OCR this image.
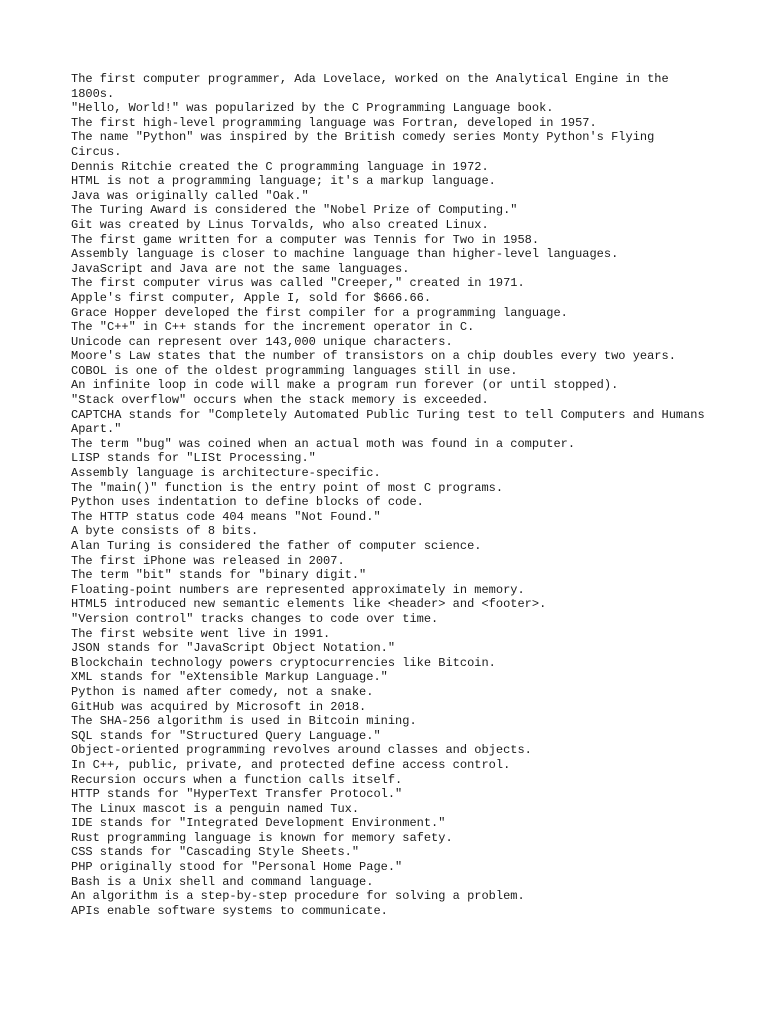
The first computer programmer, Ada Lovelace, worked on the Analytical Engine in the 1800s.

"Hello, World!" was popularized by the C Programming Language book.

The first high-level programming language was Fortran, developed in 1957.

The name "Python" was inspired by the British comedy series Monty Python's Flying Circus.

Dennis Ritchie created the C programming language in 1972.

HTML is not a programming language; it's a markup language.

Java was originally called "Oak."

The Turing Award is considered the "Nobel Prize of Computing."

Git was created by Linus Torvalds, who also created Linux.

The first game written for a computer was Tennis for Two in 1958.

Assembly language is closer to machine language than higher-level languages.

JavaScript and Java are not the same languages.

The first computer virus was called "Creeper," created in 1971.

Apple's first computer, Apple I, sold for $666.66.

Grace Hopper developed the first compiler for a programming language.

The "C++" in C++ stands for the increment operator in C.

Unicode can represent over 143,000 unique characters.

Moore's Law states that the number of transistors on a chip doubles every two years.

COBOL is one of the oldest programming languages still in use.

An infinite loop in code will make a program run forever (or until stopped).

"Stack overflow" occurs when the stack memory is exceeded.

CAPTCHA stands for "Completely Automated Public Turing test to tell Computers and Humans Apart."

The term "bug" was coined when an actual moth was found in a computer.

LISP stands for "LISt Processing."

Assembly language is architecture-specific.

The "main()" function is the entry point of most C programs.

Python uses indentation to define blocks of code.

The HTTP status code 404 means "Not Found."

A byte consists of 8 bits.

Alan Turing is considered the father of computer science.

The first iPhone was released in 2007.

The term "bit" stands for "binary digit."

Floating-point numbers are represented approximately in memory.

HTML5 introduced new semantic elements like <header> and <footer>.

"Version control" tracks changes to code over time.

The first website went live in 1991.

JSON stands for "JavaScript Object Notation."

Blockchain technology powers cryptocurrencies like Bitcoin.

XML stands for "eXtensible Markup Language."

Python is named after comedy, not a snake.

GitHub was acquired by Microsoft in 2018.

The SHA-256 algorithm is used in Bitcoin mining.

SQL stands for "Structured Query Language."

Object-oriented programming revolves around classes and objects.

In C++, public, private, and protected define access control.

Recursion occurs when a function calls itself.

HTTP stands for "HyperText Transfer Protocol."

The Linux mascot is a penguin named Tux.

IDE stands for "Integrated Development Environment."

Rust programming language is known for memory safety.

CSS stands for "Cascading Style Sheets."

PHP originally stood for "Personal Home Page."

Bash is a Unix shell and command language.

An algorithm is a step-by-step procedure for solving a problem.

APIs enable software systems to communicate.
